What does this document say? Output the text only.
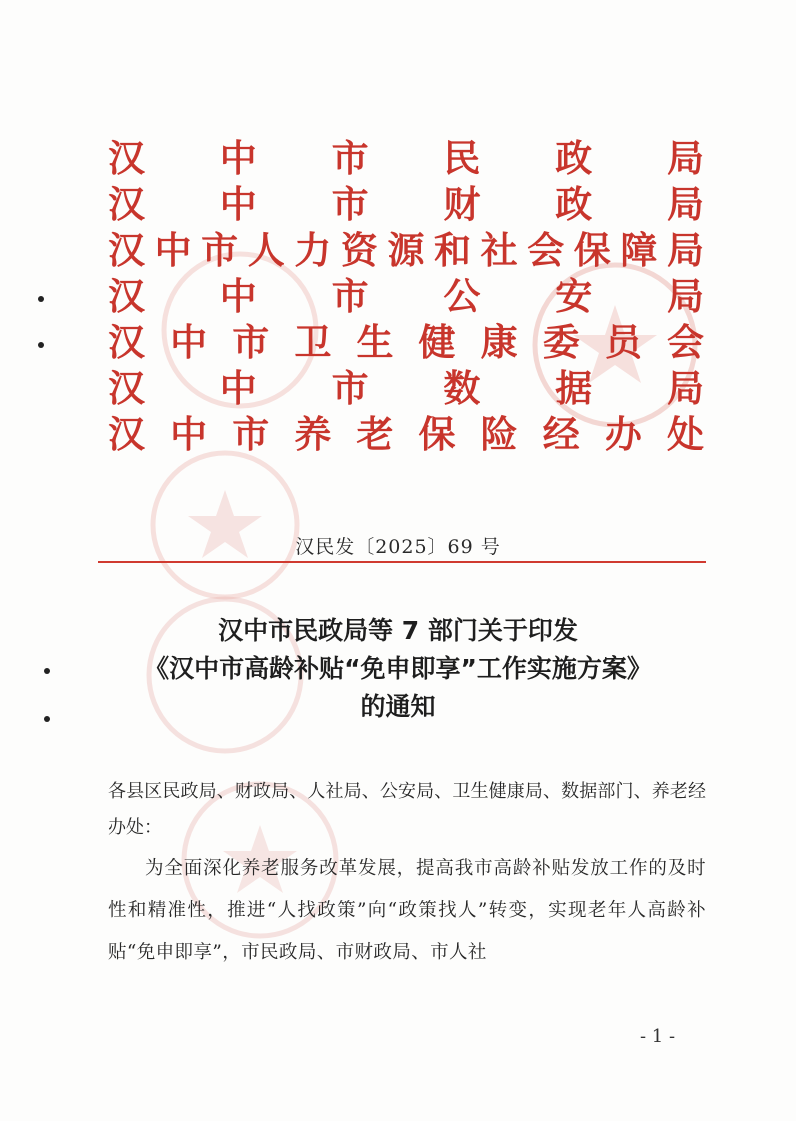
汉 中 市 民 政 局
汉 中 市 财 政 局
汉 中 市 人 力 资 源 和 社 会 保 障 局
汉 中 市 公 安 局
汉 中 市 卫 生 健 康 委 员 会
汉 中 市 数 据 局
汉 中 市 养 老 保 险 经 办 处
汉民发〔2025〕69 号
汉中市民政局等 7 部门关于印发
《汉中市高龄补贴“免申即享”工作实施方案》
的通知
各县区民政局、财政局、人社局、公安局、卫生健康局、数据部门、养老经办处：
为全面深化养老服务改革发展，提高我市高龄补贴发放工作的及时性和精准性，推进“人找政策”向“政策找人”转变，实现老年人高龄补贴“免申即享”，市民政局、市财政局、市人社
- 1 -
